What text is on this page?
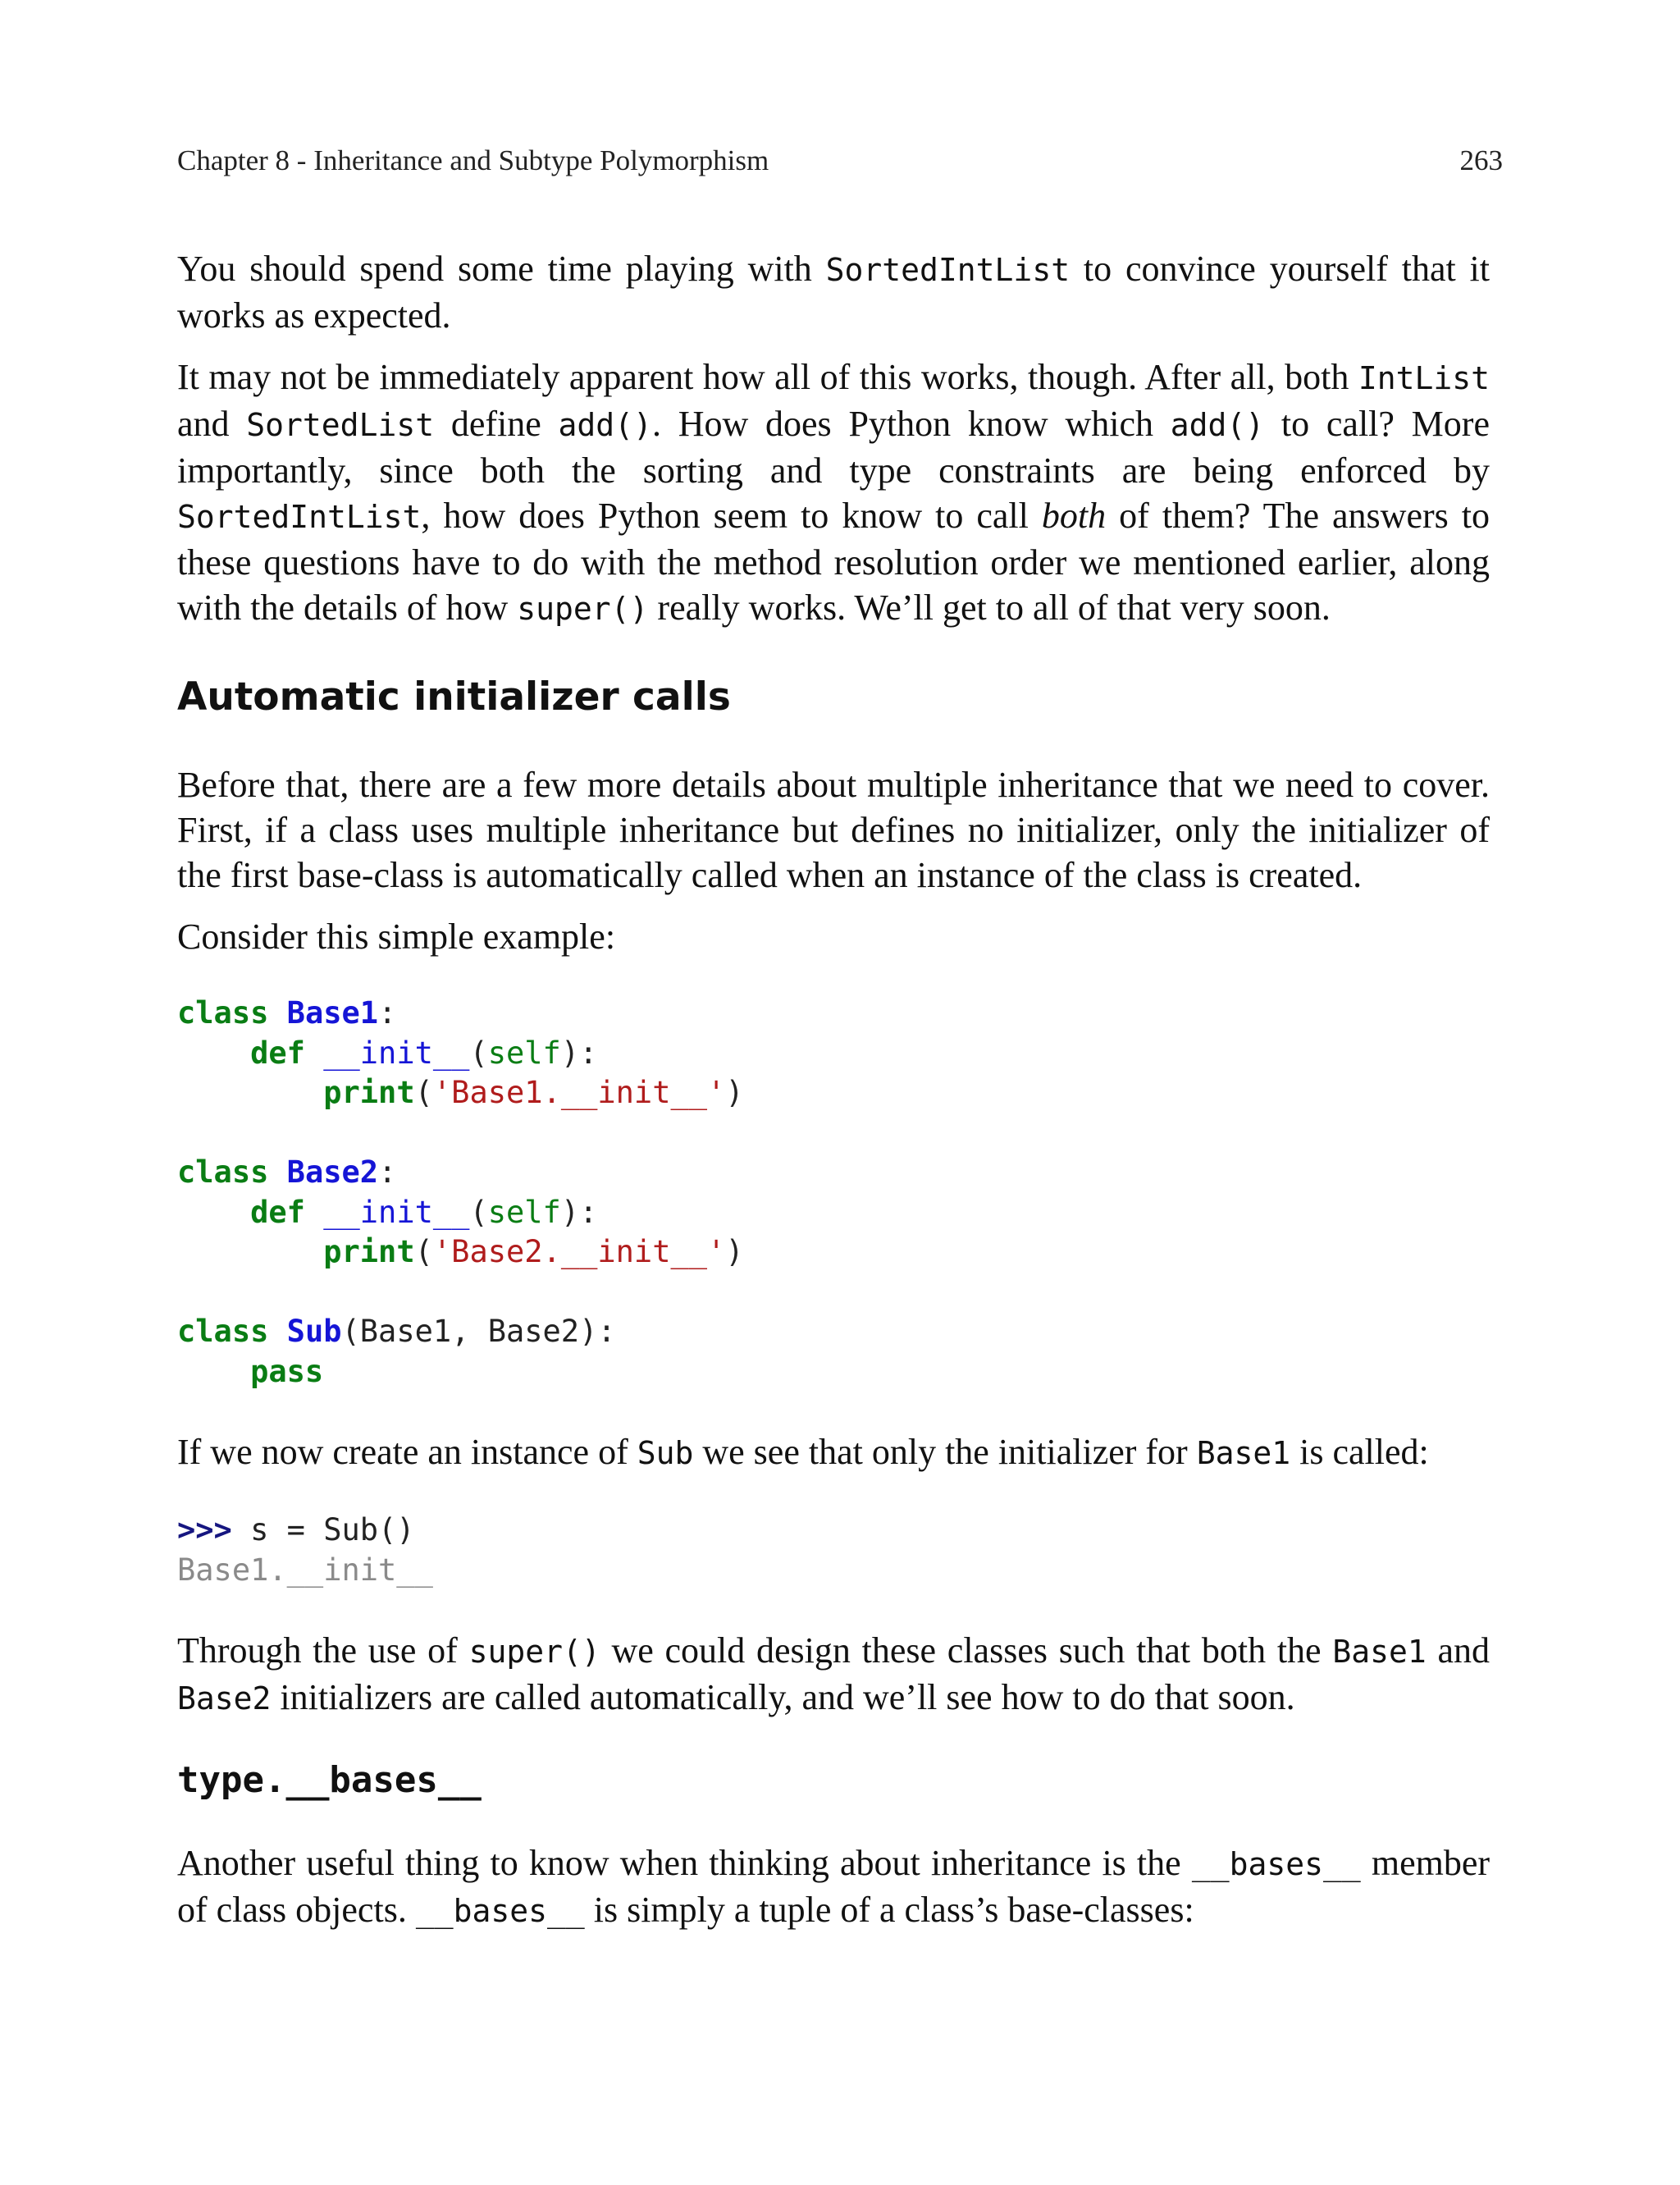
Chapter 8 - Inheritance and Subtype Polymorphism	263

You should spend some time playing with SortedIntList to convince yourself that it works as expected.

It may not be immediately apparent how all of this works, though. After all, both IntList and SortedList define add(). How does Python know which add() to call? More importantly, since both the sorting and type constraints are being enforced by SortedIntList, how does Python seem to know to call both of them? The answers to these questions have to do with the method resolution order we mentioned earlier, along with the details of how super() really works. We’ll get to all of that very soon.

Automatic initializer calls

Before that, there are a few more details about multiple inheritance that we need to cover. First, if a class uses multiple inheritance but defines no initializer, only the initializer of the first base-class is automatically called when an instance of the class is created.

Consider this simple example:

class Base1:
def __init__(self):
print('Base1.__init__')
class Base2:
def __init__(self):
print('Base2.__init__')
class Sub(Base1, Base2):
pass

If we now create an instance of Sub we see that only the initializer for Base1 is called:

>>> s = Sub()
Base1.__init__

Through the use of super() we could design these classes such that both the Base1 and Base2 initializers are called automatically, and we’ll see how to do that soon.

type.__bases__

Another useful thing to know when thinking about inheritance is the __bases__ member of class objects. __bases__ is simply a tuple of a class’s base-classes:
